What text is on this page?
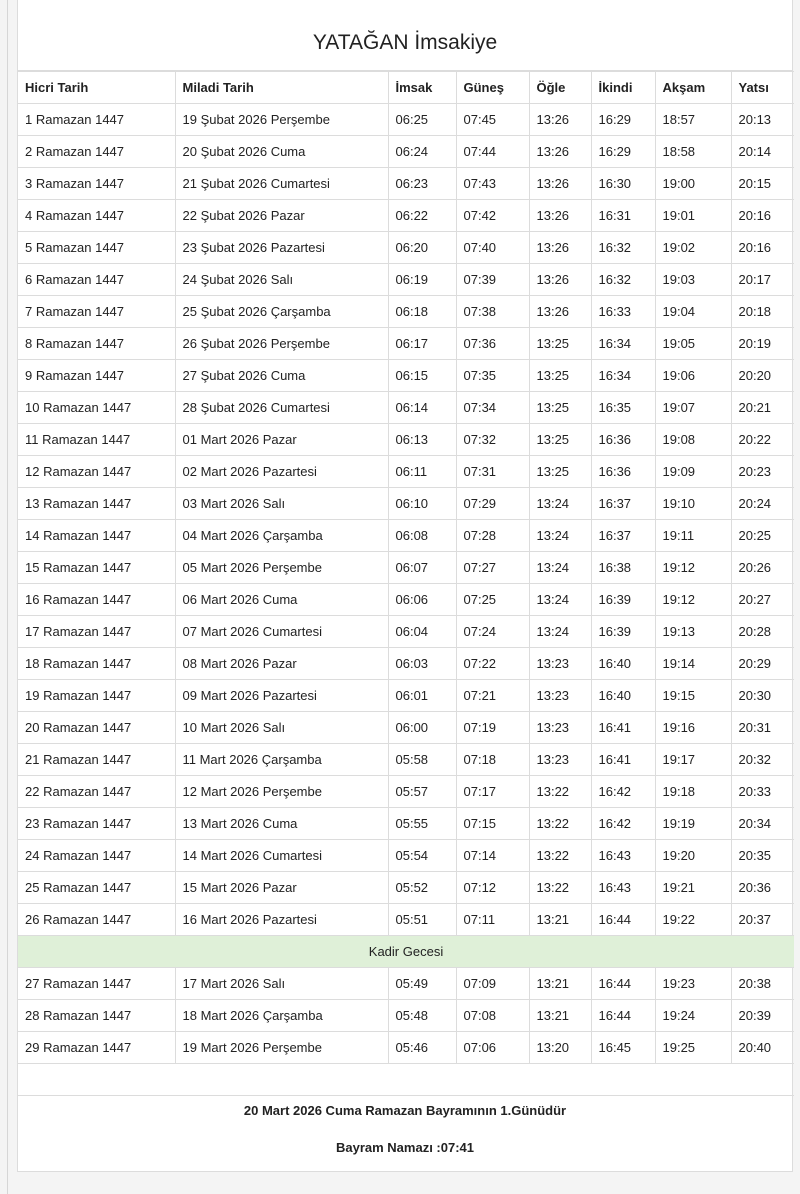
YATAĞAN İmsakiye
Hicri Tarih	Miladi Tarih	İmsak	Güneş	Öğle	İkindi	Akşam	Yatsı
1 Ramazan 1447	19 Şubat 2026 Perşembe	06:25	07:45	13:26	16:29	18:57	20:13
2 Ramazan 1447	20 Şubat 2026 Cuma	06:24	07:44	13:26	16:29	18:58	20:14
3 Ramazan 1447	21 Şubat 2026 Cumartesi	06:23	07:43	13:26	16:30	19:00	20:15
4 Ramazan 1447	22 Şubat 2026 Pazar	06:22	07:42	13:26	16:31	19:01	20:16
5 Ramazan 1447	23 Şubat 2026 Pazartesi	06:20	07:40	13:26	16:32	19:02	20:16
6 Ramazan 1447	24 Şubat 2026 Salı	06:19	07:39	13:26	16:32	19:03	20:17
7 Ramazan 1447	25 Şubat 2026 Çarşamba	06:18	07:38	13:26	16:33	19:04	20:18
8 Ramazan 1447	26 Şubat 2026 Perşembe	06:17	07:36	13:25	16:34	19:05	20:19
9 Ramazan 1447	27 Şubat 2026 Cuma	06:15	07:35	13:25	16:34	19:06	20:20
10 Ramazan 1447	28 Şubat 2026 Cumartesi	06:14	07:34	13:25	16:35	19:07	20:21
11 Ramazan 1447	01 Mart 2026 Pazar	06:13	07:32	13:25	16:36	19:08	20:22
12 Ramazan 1447	02 Mart 2026 Pazartesi	06:11	07:31	13:25	16:36	19:09	20:23
13 Ramazan 1447	03 Mart 2026 Salı	06:10	07:29	13:24	16:37	19:10	20:24
14 Ramazan 1447	04 Mart 2026 Çarşamba	06:08	07:28	13:24	16:37	19:11	20:25
15 Ramazan 1447	05 Mart 2026 Perşembe	06:07	07:27	13:24	16:38	19:12	20:26
16 Ramazan 1447	06 Mart 2026 Cuma	06:06	07:25	13:24	16:39	19:12	20:27
17 Ramazan 1447	07 Mart 2026 Cumartesi	06:04	07:24	13:24	16:39	19:13	20:28
18 Ramazan 1447	08 Mart 2026 Pazar	06:03	07:22	13:23	16:40	19:14	20:29
19 Ramazan 1447	09 Mart 2026 Pazartesi	06:01	07:21	13:23	16:40	19:15	20:30
20 Ramazan 1447	10 Mart 2026 Salı	06:00	07:19	13:23	16:41	19:16	20:31
21 Ramazan 1447	11 Mart 2026 Çarşamba	05:58	07:18	13:23	16:41	19:17	20:32
22 Ramazan 1447	12 Mart 2026 Perşembe	05:57	07:17	13:22	16:42	19:18	20:33
23 Ramazan 1447	13 Mart 2026 Cuma	05:55	07:15	13:22	16:42	19:19	20:34
24 Ramazan 1447	14 Mart 2026 Cumartesi	05:54	07:14	13:22	16:43	19:20	20:35
25 Ramazan 1447	15 Mart 2026 Pazar	05:52	07:12	13:22	16:43	19:21	20:36
26 Ramazan 1447	16 Mart 2026 Pazartesi	05:51	07:11	13:21	16:44	19:22	20:37
Kadir Gecesi							
27 Ramazan 1447	17 Mart 2026 Salı	05:49	07:09	13:21	16:44	19:23	20:38
28 Ramazan 1447	18 Mart 2026 Çarşamba	05:48	07:08	13:21	16:44	19:24	20:39
29 Ramazan 1447	19 Mart 2026 Perşembe	05:46	07:06	13:20	16:45	19:25	20:40

20 Mart 2026 Cuma Ramazan Bayramının 1.Günüdür
Bayram Namazı :07:41
